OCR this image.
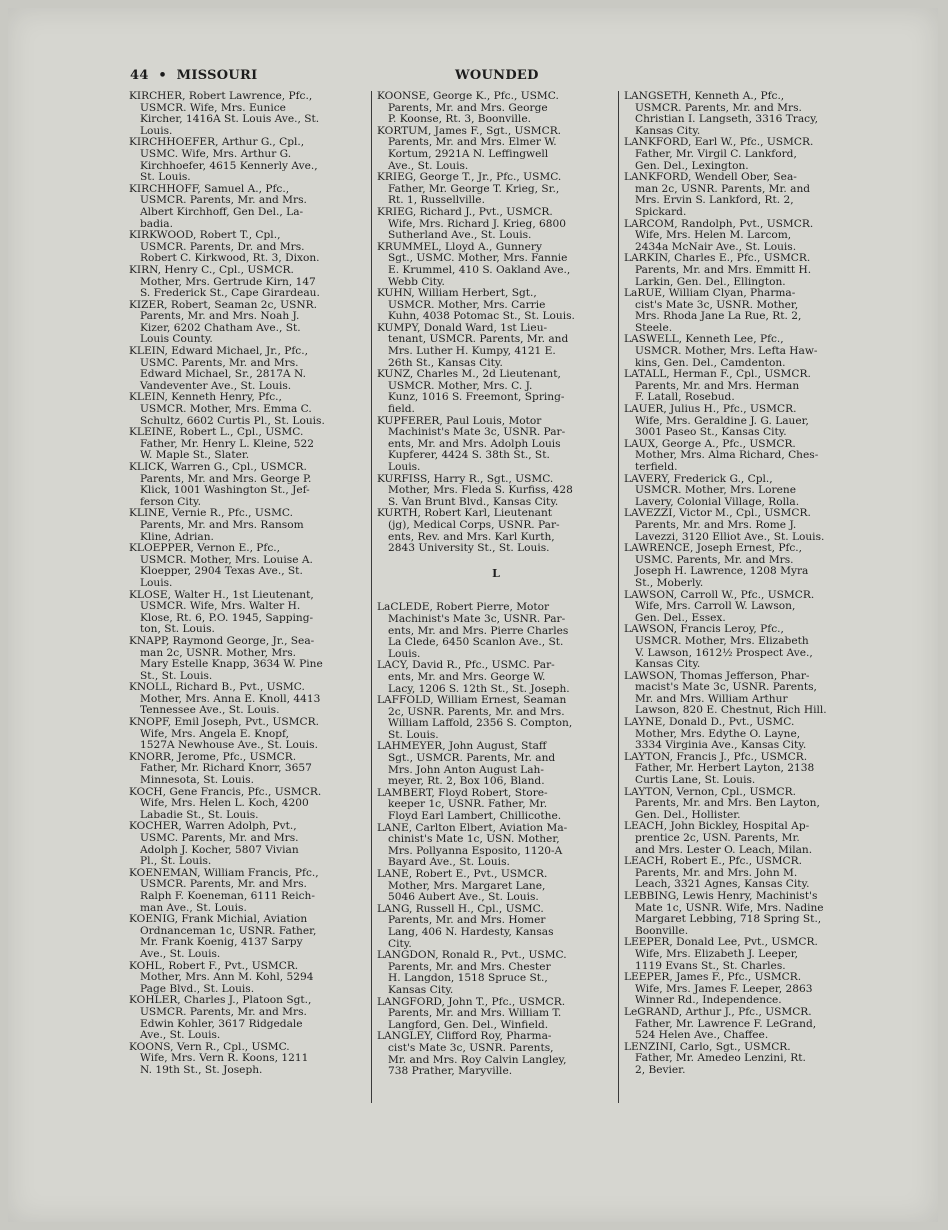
44 • MISSOURI	WOUNDED

KIRCHER, Robert Lawrence, Pfc.,
USMCR. Wife, Mrs. Eunice
Kircher, 1416A St. Louis Ave., St.
Louis.

KIRCHHOEFER, Arthur G., Cpl.,
USMC. Wife, Mrs. Arthur G.
Kirchhoefer, 4615 Kennerly Ave.,
St. Louis.

KIRCHHOFF, Samuel A., Pfc.,
USMCR. Parents, Mr. and Mrs.
Albert Kirchhoff, Gen Del., La-
badia.

KIRKWOOD, Robert T., Cpl.,
USMCR. Parents, Dr. and Mrs.
Robert C. Kirkwood, Rt. 3, Dixon.

KIRN, Henry C., Cpl., USMCR.
Mother, Mrs. Gertrude Kirn, 147
S. Frederick St., Cape Girardeau.

KIZER, Robert, Seaman 2c, USNR.
Parents, Mr. and Mrs. Noah J.
Kizer, 6202 Chatham Ave., St.
Louis County.

KLEIN, Edward Michael, Jr., Pfc.,
USMC. Parents, Mr. and Mrs.
Edward Michael, Sr., 2817A N.
Vandeventer Ave., St. Louis.

KLEIN, Kenneth Henry, Pfc.,
USMCR. Mother, Mrs. Emma C.
Schultz, 6602 Curtis Pl., St. Louis.

KLEINE, Robert L., Cpl., USMC.
Father, Mr. Henry L. Kleine, 522
W. Maple St., Slater.

KLICK, Warren G., Cpl., USMCR.
Parents, Mr. and Mrs. George P.
Klick, 1001 Washington St., Jef-
ferson City.

KLINE, Vernie R., Pfc., USMC.
Parents, Mr. and Mrs. Ransom
Kline, Adrian.

KLOEPPER, Vernon E., Pfc.,
USMCR. Mother, Mrs. Louise A.
Kloepper, 2904 Texas Ave., St.
Louis.

KLOSE, Walter H., 1st Lieutenant,
USMCR. Wife, Mrs. Walter H.
Klose, Rt. 6, P.O. 1945, Sapping-
ton, St. Louis.

KNAPP, Raymond George, Jr., Sea-
man 2c, USNR. Mother, Mrs.
Mary Estelle Knapp, 3634 W. Pine
St., St. Louis.

KNOLL, Richard B., Pvt., USMC.
Mother, Mrs. Anna E. Knoll, 4413
Tennessee Ave., St. Louis.

KNOPF, Emil Joseph, Pvt., USMCR.
Wife, Mrs. Angela E. Knopf,
1527A Newhouse Ave., St. Louis.

KNORR, Jerome, Pfc., USMCR.
Father, Mr. Richard Knorr, 3657
Minnesota, St. Louis.

KOCH, Gene Francis, Pfc., USMCR.
Wife, Mrs. Helen L. Koch, 4200
Labadie St., St. Louis.

KOCHER, Warren Adolph, Pvt.,
USMC. Parents, Mr. and Mrs.
Adolph J. Kocher, 5807 Vivian
Pl., St. Louis.

KOENEMAN, William Francis, Pfc.,
USMCR. Parents, Mr. and Mrs.
Ralph F. Koeneman, 6111 Reich-
man Ave., St. Louis.

KOENIG, Frank Michial, Aviation
Ordnanceman 1c, USNR. Father,
Mr. Frank Koenig, 4137 Sarpy
Ave., St. Louis.

KOHL, Robert F., Pvt., USMCR.
Mother, Mrs. Ann M. Kohl, 5294
Page Blvd., St. Louis.

KOHLER, Charles J., Platoon Sgt.,
USMCR. Parents, Mr. and Mrs.
Edwin Kohler, 3617 Ridgedale
Ave., St. Louis.

KOONS, Vern R., Cpl., USMC.
Wife, Mrs. Vern R. Koons, 1211
N. 19th St., St. Joseph.

KOONSE, George K., Pfc., USMC.
Parents, Mr. and Mrs. George
P. Koonse, Rt. 3, Boonville.

KORTUM, James F., Sgt., USMCR.
Parents, Mr. and Mrs. Elmer W.
Kortum, 2921A N. Leffingwell
Ave., St. Louis.

KRIEG, George T., Jr., Pfc., USMC.
Father, Mr. George T. Krieg, Sr.,
Rt. 1, Russellville.

KRIEG, Richard J., Pvt., USMCR.
Wife, Mrs. Richard J. Krieg, 6800
Sutherland Ave., St. Louis.

KRUMMEL, Lloyd A., Gunnery
Sgt., USMC. Mother, Mrs. Fannie
E. Krummel, 410 S. Oakland Ave.,
Webb City.

KUHN, William Herbert, Sgt.,
USMCR. Mother, Mrs. Carrie
Kuhn, 4038 Potomac St., St. Louis.

KUMPY, Donald Ward, 1st Lieu-
tenant, USMCR. Parents, Mr. and
Mrs. Luther H. Kumpy, 4121 E.
26th St., Kansas City.

KUNZ, Charles M., 2d Lieutenant,
USMCR. Mother, Mrs. C. J.
Kunz, 1016 S. Freemont, Spring-
field.

KUPFERER, Paul Louis, Motor
Machinist's Mate 3c, USNR. Par-
ents, Mr. and Mrs. Adolph Louis
Kupferer, 4424 S. 38th St., St.
Louis.

KURFISS, Harry R., Sgt., USMC.
Mother, Mrs. Fleda S. Kurfiss, 428
S. Van Brunt Blvd., Kansas City.

KURTH, Robert Karl, Lieutenant
(jg), Medical Corps, USNR. Par-
ents, Rev. and Mrs. Karl Kurth,
2843 University St., St. Louis.

L

LaCLEDE, Robert Pierre, Motor
Machinist's Mate 3c, USNR. Par-
ents, Mr. and Mrs. Pierre Charles
La Clede, 6450 Scanlon Ave., St.
Louis.

LACY, David R., Pfc., USMC. Par-
ents, Mr. and Mrs. George W.
Lacy, 1206 S. 12th St., St. Joseph.

LAFFOLD, William Ernest, Seaman
2c, USNR. Parents, Mr. and Mrs.
William Laffold, 2356 S. Compton,
St. Louis.

LAHMEYER, John August, Staff
Sgt., USMCR. Parents, Mr. and
Mrs. John Anton August Lah-
meyer, Rt. 2, Box 106, Bland.

LAMBERT, Floyd Robert, Store-
keeper 1c, USNR. Father, Mr.
Floyd Earl Lambert, Chillicothe.

LANE, Carlton Elbert, Aviation Ma-
chinist's Mate 1c, USN. Mother,
Mrs. Pollyanna Esposito, 1120-A
Bayard Ave., St. Louis.

LANE, Robert E., Pvt., USMCR.
Mother, Mrs. Margaret Lane,
5046 Aubert Ave., St. Louis.

LANG, Russell H., Cpl., USMC.
Parents, Mr. and Mrs. Homer
Lang, 406 N. Hardesty, Kansas
City.

LANGDON, Ronald R., Pvt., USMC.
Parents, Mr. and Mrs. Chester
H. Langdon, 1518 Spruce St.,
Kansas City.

LANGFORD, John T., Pfc., USMCR.
Parents, Mr. and Mrs. William T.
Langford, Gen. Del., Winfield.

LANGLEY, Clifford Roy, Pharma-
cist's Mate 3c, USNR. Parents,
Mr. and Mrs. Roy Calvin Langley,
738 Prather, Maryville.

LANGSETH, Kenneth A., Pfc.,
USMCR. Parents, Mr. and Mrs.
Christian I. Langseth, 3316 Tracy,
Kansas City.

LANKFORD, Earl W., Pfc., USMCR.
Father, Mr. Virgil C. Lankford,
Gen. Del., Lexington.

LANKFORD, Wendell Ober, Sea-
man 2c, USNR. Parents, Mr. and
Mrs. Ervin S. Lankford, Rt. 2,
Spickard.

LARCOM, Randolph, Pvt., USMCR.
Wife, Mrs. Helen M. Larcom,
2434a McNair Ave., St. Louis.

LARKIN, Charles E., Pfc., USMCR.
Parents, Mr. and Mrs. Emmitt H.
Larkin, Gen. Del., Ellington.

LaRUE, William Clyan, Pharma-
cist's Mate 3c, USNR. Mother,
Mrs. Rhoda Jane La Rue, Rt. 2,
Steele.

LASWELL, Kenneth Lee, Pfc.,
USMCR. Mother, Mrs. Lefta Haw-
kins, Gen. Del., Camdenton.

LATALL, Herman F., Cpl., USMCR.
Parents, Mr. and Mrs. Herman
F. Latall, Rosebud.

LAUER, Julius H., Pfc., USMCR.
Wife, Mrs. Geraldine J. G. Lauer,
3001 Paseo St., Kansas City.

LAUX, George A., Pfc., USMCR.
Mother, Mrs. Alma Richard, Ches-
terfield.

LAVERY, Frederick G., Cpl.,
USMCR. Mother, Mrs. Lorene
Lavery, Colonial Village, Rolla.

LAVEZZI, Victor M., Cpl., USMCR.
Parents, Mr. and Mrs. Rome J.
Lavezzi, 3120 Elliot Ave., St. Louis.

LAWRENCE, Joseph Ernest, Pfc.,
USMC. Parents, Mr. and Mrs.
Joseph H. Lawrence, 1208 Myra
St., Moberly.

LAWSON, Carroll W., Pfc., USMCR.
Wife, Mrs. Carroll W. Lawson,
Gen. Del., Essex.

LAWSON, Francis Leroy, Pfc.,
USMCR. Mother, Mrs. Elizabeth
V. Lawson, 1612½ Prospect Ave.,
Kansas City.

LAWSON, Thomas Jefferson, Phar-
macist's Mate 3c, USNR. Parents,
Mr. and Mrs. William Arthur
Lawson, 820 E. Chestnut, Rich Hill.

LAYNE, Donald D., Pvt., USMC.
Mother, Mrs. Edythe O. Layne,
3334 Virginia Ave., Kansas City.

LAYTON, Francis J., Pfc., USMCR.
Father, Mr. Herbert Layton, 2138
Curtis Lane, St. Louis.

LAYTON, Vernon, Cpl., USMCR.
Parents, Mr. and Mrs. Ben Layton,
Gen. Del., Hollister.

LEACH, John Bickley, Hospital Ap-
prentice 2c, USN. Parents, Mr.
and Mrs. Lester O. Leach, Milan.

LEACH, Robert E., Pfc., USMCR.
Parents, Mr. and Mrs. John M.
Leach, 3321 Agnes, Kansas City.

LEBBING, Lewis Henry, Machinist's
Mate 1c, USNR. Wife, Mrs. Nadine
Margaret Lebbing, 718 Spring St.,
Boonville.

LEEPER, Donald Lee, Pvt., USMCR.
Wife, Mrs. Elizabeth J. Leeper,
1119 Evans St., St. Charles.

LEEPER, James F., Pfc., USMCR.
Wife, Mrs. James F. Leeper, 2863
Winner Rd., Independence.

LeGRAND, Arthur J., Pfc., USMCR.
Father, Mr. Lawrence F. LeGrand,
524 Helen Ave., Chaffee.

LENZINI, Carlo, Sgt., USMCR.
Father, Mr. Amedeo Lenzini, Rt.
2, Bevier.
